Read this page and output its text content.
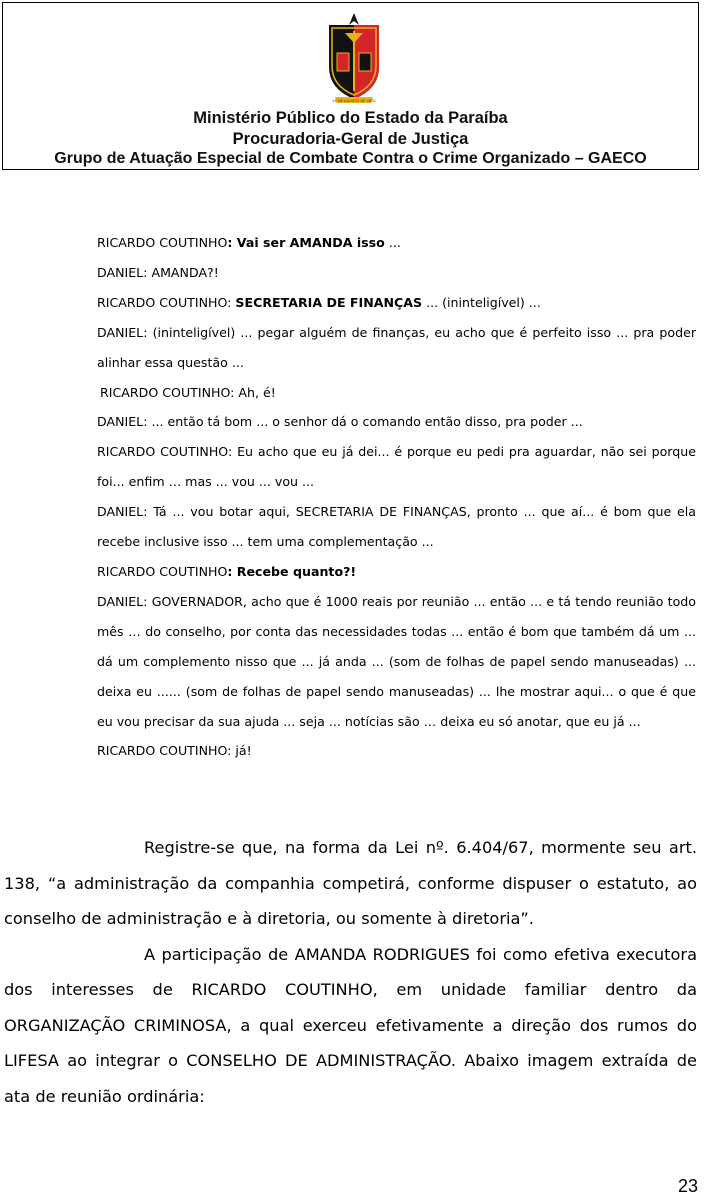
16 DE AGOSTO DE 1892
Ministério Público do Estado da Paraíba
Procuradoria-Geral de Justiça
Grupo de Atuação Especial de Combate Contra o Crime Organizado – GAECO

RICARDO COUTINHO: Vai ser AMANDA isso ...

DANIEL: AMANDA?!

RICARDO COUTINHO: SECRETARIA DE FINANÇAS ... (ininteligível) ...

DANIEL: (ininteligível) ... pegar alguém de finanças, eu acho que é perfeito isso ... pra poder alinhar essa questão ...

RICARDO COUTINHO: Ah, é!

DANIEL: ... então tá bom ... o senhor dá o comando então disso, pra poder ...

RICARDO COUTINHO: Eu acho que eu já dei... é porque eu pedi pra aguardar, não sei porque foi... enfim … mas ... vou ... vou ...

DANIEL: Tá ... vou botar aqui, SECRETARIA DE FINANÇAS, pronto ... que aí... é bom que ela recebe inclusive isso ... tem uma complementação ...

RICARDO COUTINHO: Recebe quanto?!

DANIEL: GOVERNADOR, acho que é 1000 reais por reunião ... então ... e tá tendo reunião todo mês … do conselho, por conta das necessidades todas ... então é bom que também dá um ... dá um complemento nisso que ... já anda ... (som de folhas de papel sendo manuseadas) ... deixa eu ...... (som de folhas de papel sendo manuseadas) ... lhe mostrar aqui... o que é que eu vou precisar da sua ajuda ... seja ... notícias são … deixa eu só anotar, que eu já ...

RICARDO COUTINHO: já!

Registre-se que, na forma da Lei nº. 6.404/67, mormente seu art. 138, “a administração da companhia competirá, conforme dispuser o estatuto, ao conselho de administração e à diretoria, ou somente à diretoria”.

A participação de AMANDA RODRIGUES foi como efetiva executora dos interesses de RICARDO COUTINHO, em unidade familiar dentro da ORGANIZAÇÃO CRIMINOSA, a qual exerceu efetivamente a direção dos rumos do LIFESA ao integrar o CONSELHO DE ADMINISTRAÇÃO. Abaixo imagem extraída de ata de reunião ordinária:

23
